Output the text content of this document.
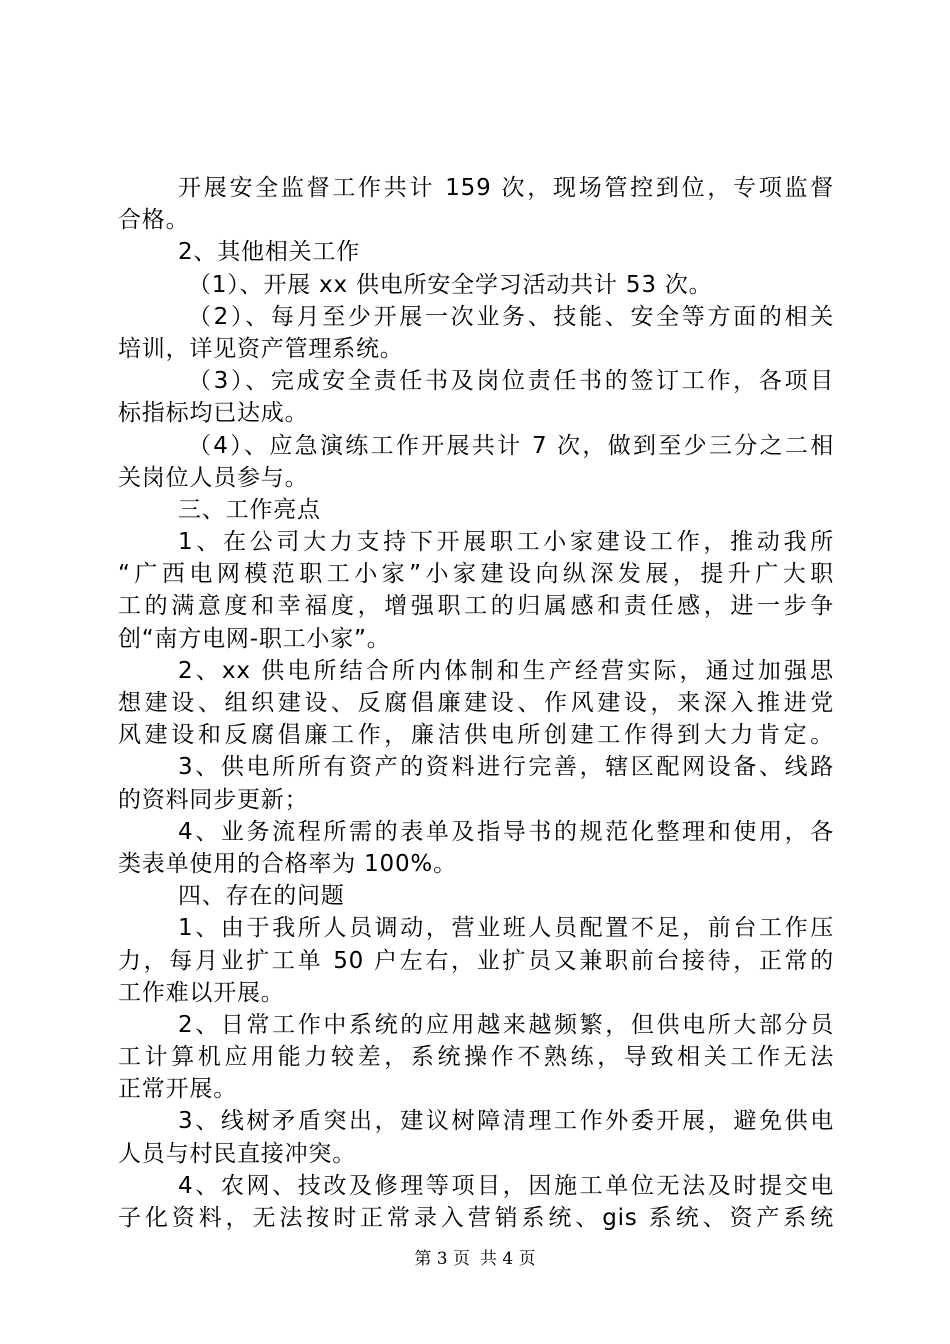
开展安全监督工作共计 159 次，现场管控到位，专项监督
合格。
2、其他相关工作
（1）、开展 xx 供电所安全学习活动共计 53 次。
（2）、每月至少开展一次业务、技能、安全等方面的相关
培训，详见资产管理系统。
（3）、完成安全责任书及岗位责任书的签订工作，各项目
标指标均已达成。
（4）、应急演练工作开展共计 7 次，做到至少三分之二相
关岗位人员参与。
三、工作亮点
1、在公司大力支持下开展职工小家建设工作，推动我所
“广西电网模范职工小家”小家建设向纵深发展，提升广大职
工的满意度和幸福度，增强职工的归属感和责任感，进一步争
创“南方电网-职工小家”。
2、xx 供电所结合所内体制和生产经营实际，通过加强思
想建设、组织建设、反腐倡廉建设、作风建设，来深入推进党
风建设和反腐倡廉工作，廉洁供电所创建工作得到大力肯定。
3、供电所所有资产的资料进行完善，辖区配网设备、线路
的资料同步更新；
4、业务流程所需的表单及指导书的规范化整理和使用，各
类表单使用的合格率为 100%。
四、存在的问题
1、由于我所人员调动，营业班人员配置不足，前台工作压
力，每月业扩工单 50 户左右，业扩员又兼职前台接待，正常的
工作难以开展。
2、日常工作中系统的应用越来越频繁，但供电所大部分员
工计算机应用能力较差，系统操作不熟练，导致相关工作无法
正常开展。
3、线树矛盾突出，建议树障清理工作外委开展，避免供电
人员与村民直接冲突。
4、农网、技改及修理等项目，因施工单位无法及时提交电
子化资料，无法按时正常录入营销系统、gis 系统、资产系统
第 3 页 共 4 页
